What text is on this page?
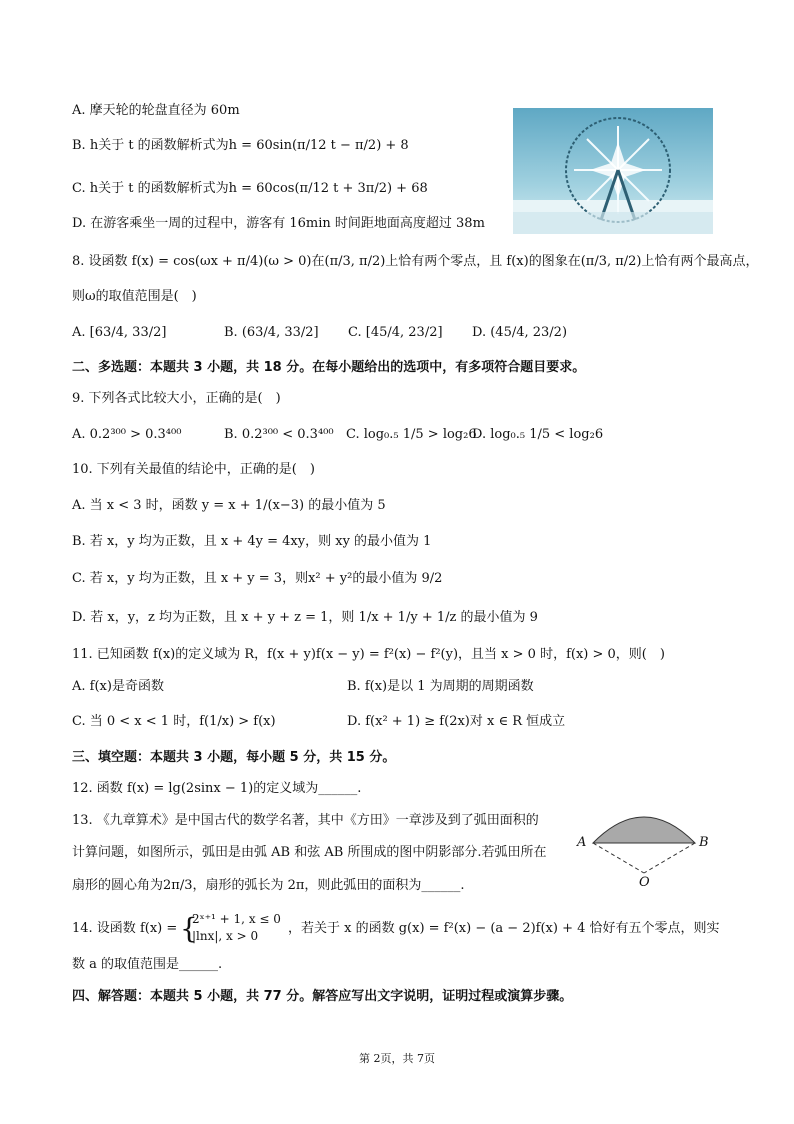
A. 摩天轮的轮盘直径为 60m
B. h关于 t 的函数解析式为h = 60sin(π/12 t − π/2) + 8
C. h关于 t 的函数解析式为h = 60cos(π/12 t + 3π/2) + 68
D. 在游客乘坐一周的过程中，游客有 16min 时间距地面高度超过 38m
8. 设函数 f(x) = cos(ωx + π/4)(ω > 0)在(π/3, π/2)上恰有两个零点，且 f(x)的图象在(π/3, π/2)上恰有两个最高点，
则ω的取值范围是(　)
A. [63/4, 33/2]	B. (63/4, 33/2] C. [45/4, 23/2] D. (45/4, 23/2)
二、多选题：本题共 3 小题，共 18 分。在每小题给出的选项中，有多项符合题目要求。
9. 下列各式比较大小，正确的是(　)
A. 0.2³⁰⁰ > 0.3⁴⁰⁰	B. 0.2³⁰⁰ < 0.3⁴⁰⁰ C. log₀.₅ 1/5 > log₂6
D. log₀.₅ 1/5 < log₂6
10. 下列有关最值的结论中，正确的是(　)
A. 当 x < 3 时，函数 y = x + 1/(x−3) 的最小值为 5
B. 若 x，y 均为正数，且 x + 4y = 4xy，则 xy 的最小值为 1
C. 若 x，y 均为正数，且 x + y = 3，则x² + y²的最小值为 9/2
D. 若 x，y，z 均为正数，且 x + y + z = 1，则 1/x + 1/y + 1/z 的最小值为 9
11. 已知函数 f(x)的定义域为 R，f(x + y)f(x − y) = f²(x) − f²(y)，且当 x > 0 时，f(x) > 0，则(　)
A. f(x)是奇函数	B. f(x)是以 1 为周期的周期函数
C. 当 0 < x < 1 时，f(1/x) > f(x)	D. f(x² + 1) ≥ f(2x)对 x ∈ R 恒成立
三、填空题：本题共 3 小题，每小题 5 分，共 15 分。
12. 函数 f(x) = lg(2sinx − 1)的定义域为______.
13. 《九章算术》是中国古代的数学名著，其中《方田》一章涉及到了弧田面积的
计算问题，如图所示，弧田是由弧 AB 和弦 AB 所围成的图中阴影部分.若弧田所在
扇形的圆心角为2π/3，扇形的弧长为 2π，则此弧田的面积为______.
A	B
O
14. 设函数 f(x) = {
2ˣ⁺¹ + 1, x ≤ 0
|lnx|, x > 0 ，若关于 x 的函数 g(x) = f²(x) − (a − 2)f(x) + 4 恰好有五个零点，则实
数 a 的取值范围是______.
四、解答题：本题共 5 小题，共 77 分。解答应写出文字说明，证明过程或演算步骤。
第 2页，共 7页
